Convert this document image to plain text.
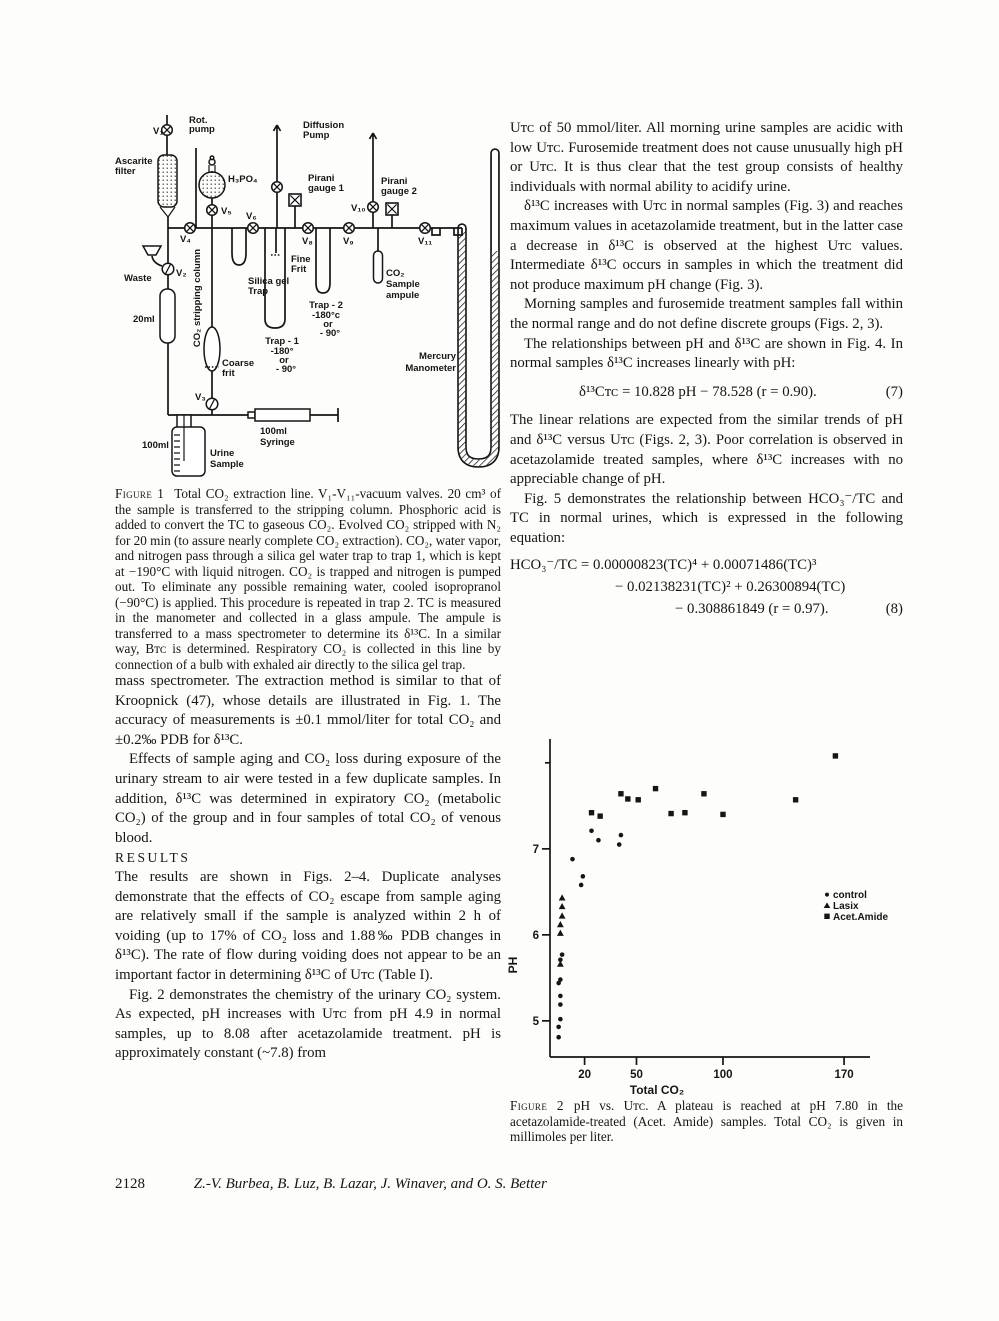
V₁
V₂
V₃
V₄
V₅ V₆
V₈	V₉
V₁₀
V₁₁
Rot.
pump
Ascarite
filter
H₃PO₄
Diffusion
Pump
Pirani
gauge 1
Pirani
gauge 2
CO₂ stripping column	Silica gel
Trap
Fine
Frit
Coarse
frit
Trap - 1
-180°
or
- 90°
Trap - 2
-180°c
or
- 90°
CO₂
Sample
ampule
Mercury
Manometer
Waste
20ml
100ml
Syringe
100ml
Urine
Sample

Figure 1 Total CO₂ extraction line. V₁-V₁₁-vacuum valves. 20 cm³ of the sample is transferred to the stripping column. Phosphoric acid is added to convert the TC to gaseous CO₂. Evolved CO₂ stripped with N₂ for 20 min (to assure nearly complete CO₂ extraction). CO₂, water vapor, and nitrogen pass through a silica gel water trap to trap 1, which is kept at −190°C with liquid nitrogen. CO₂ is trapped and nitrogen is pumped out. To eliminate any possible remaining water, cooled isopropranol (−90°C) is applied. This procedure is repeated in trap 2. TC is measured in the manometer and collected in a glass ampule. The ampule is transferred to a mass spectrometer to determine its δ¹³C. In a similar way, Bᴛᴄ is determined. Respiratory CO₂ is collected in this line by connection of a bulb with exhaled air directly to the silica gel trap.

mass spectrometer. The extraction method is similar to that of Kroopnick (47), whose details are illustrated in Fig. 1. The accuracy of measurements is ±0.1 mmol/liter for total CO₂ and ±0.2‰ PDB for δ¹³C.

Effects of sample aging and CO₂ loss during exposure of the urinary stream to air were tested in a few duplicate samples. In addition, δ¹³C was determined in expiratory CO₂ (metabolic CO₂) of the group and in four samples of total CO₂ of venous blood.

RESULTS

The results are shown in Figs. 2–4. Duplicate analyses demonstrate that the effects of CO₂ escape from sample aging are relatively small if the sample is analyzed within 2 h of voiding (up to 17% of CO₂ loss and 1.88‰ PDB changes in δ¹³C). The rate of flow during voiding does not appear to be an important factor in determining δ¹³C of Uᴛᴄ (Table I).

Fig. 2 demonstrates the chemistry of the urinary CO₂ system. As expected, pH increases with Uᴛᴄ from pH 4.9 in normal samples, up to 8.08 after acetazolamide treatment. pH is approximately constant (~7.8) from

Uᴛᴄ of 50 mmol/liter. All morning urine samples are acidic with low Uᴛᴄ. Furosemide treatment does not cause unusually high pH or Uᴛᴄ. It is thus clear that the test group consists of healthy individuals with normal ability to acidify urine.

δ¹³C increases with Uᴛᴄ in normal samples (Fig. 3) and reaches maximum values in acetazolamide treatment, but in the latter case a decrease in δ¹³C is observed at the highest Uᴛᴄ values. Intermediate δ¹³C occurs in samples in which the treatment did not produce maximum pH change (Fig. 3).

Morning samples and furosemide treatment samples fall within the normal range and do not define discrete groups (Figs. 2, 3).

The relationships between pH and δ¹³C are shown in Fig. 4. In normal samples δ¹³C increases linearly with pH:

δ¹³Cᴛᴄ = 10.828 pH − 78.528 (r = 0.90).	(7)

The linear relations are expected from the similar trends of pH and δ¹³C versus Uᴛᴄ (Figs. 2, 3). Poor correlation is observed in acetazolamide treated samples, where δ¹³C increases with no appreciable change of pH.

Fig. 5 demonstrates the relationship between HCO₃⁻/TC and TC in normal urines, which is expressed in the following equation:

HCO₃⁻/TC = 0.00000823(TC)⁴ + 0.00071486(TC)³
− 0.02138231(TC)² + 0.26300894(TC)
− 0.308861849 (r = 0.97).	(8)
5
6
7
20	50	100	170
Total CO₂
PH
control
Lasix
Acet.Amide

Figure 2 pH vs. Uᴛᴄ. A plateau is reached at pH 7.80 in the acetazolamide-treated (Acet. Amide) samples. Total CO₂ is given in millimoles per liter.

2128	Z.-V. Burbea, B. Luz, B. Lazar, J. Winaver, and O. S. Better
